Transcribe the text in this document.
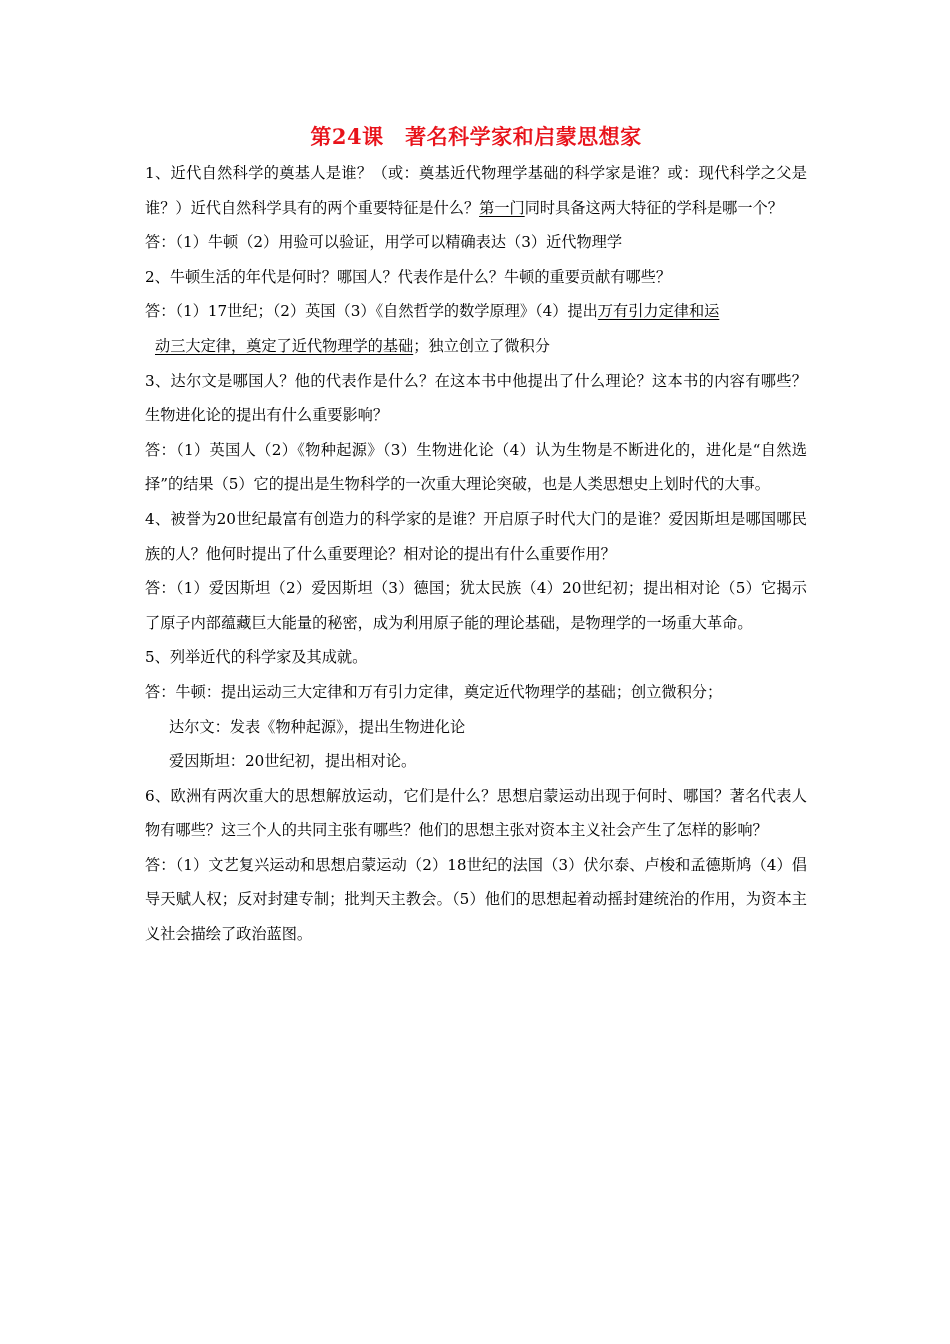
第24课　著名科学家和启蒙思想家

1、近代自然科学的奠基人是谁？（或：奠基近代物理学基础的科学家是谁？或：现代科学之父是谁？）近代自然科学具有的两个重要特征是什么？第一门同时具备这两大特征的学科是哪一个？

答：（1）牛顿（2）用验可以验证，用学可以精确表达（3）近代物理学

2、牛顿生活的年代是何时？哪国人？代表作是什么？牛顿的重要贡献有哪些？

答：（1）17世纪；（2）英国（3）《自然哲学的数学原理》（4）提出万有引力定律和运
动三大定律，奠定了近代物理学的基础；独立创立了微积分

3、达尔文是哪国人？他的代表作是什么？在这本书中他提出了什么理论？这本书的内容有哪些？生物进化论的提出有什么重要影响？

答：（1）英国人（2）《物种起源》（3）生物进化论（4）认为生物是不断进化的，进化是“自然选择”的结果（5）它的提出是生物科学的一次重大理论突破，也是人类思想史上划时代的大事。

4、被誉为20世纪最富有创造力的科学家的是谁？开启原子时代大门的是谁？爱因斯坦是哪国哪民族的人？他何时提出了什么重要理论？相对论的提出有什么重要作用？

答：（1）爱因斯坦（2）爱因斯坦（3）德国；犹太民族（4）20世纪初；提出相对论（5）它揭示了原子内部蕴藏巨大能量的秘密，成为利用原子能的理论基础，是物理学的一场重大革命。

5、列举近代的科学家及其成就。

答：牛顿：提出运动三大定律和万有引力定律，奠定近代物理学的基础；创立微积分；

达尔文：发表《物种起源》，提出生物进化论

爱因斯坦：20世纪初，提出相对论。

6、欧洲有两次重大的思想解放运动，它们是什么？思想启蒙运动出现于何时、哪国？著名代表人物有哪些？这三个人的共同主张有哪些？他们的思想主张对资本主义社会产生了怎样的影响？

答：（1）文艺复兴运动和思想启蒙运动（2）18世纪的法国（3）伏尔泰、卢梭和孟德斯鸠（4）倡导天赋人权；反对封建专制；批判天主教会。（5）他们的思想起着动摇封建统治的作用，为资本主义社会描绘了政治蓝图。
